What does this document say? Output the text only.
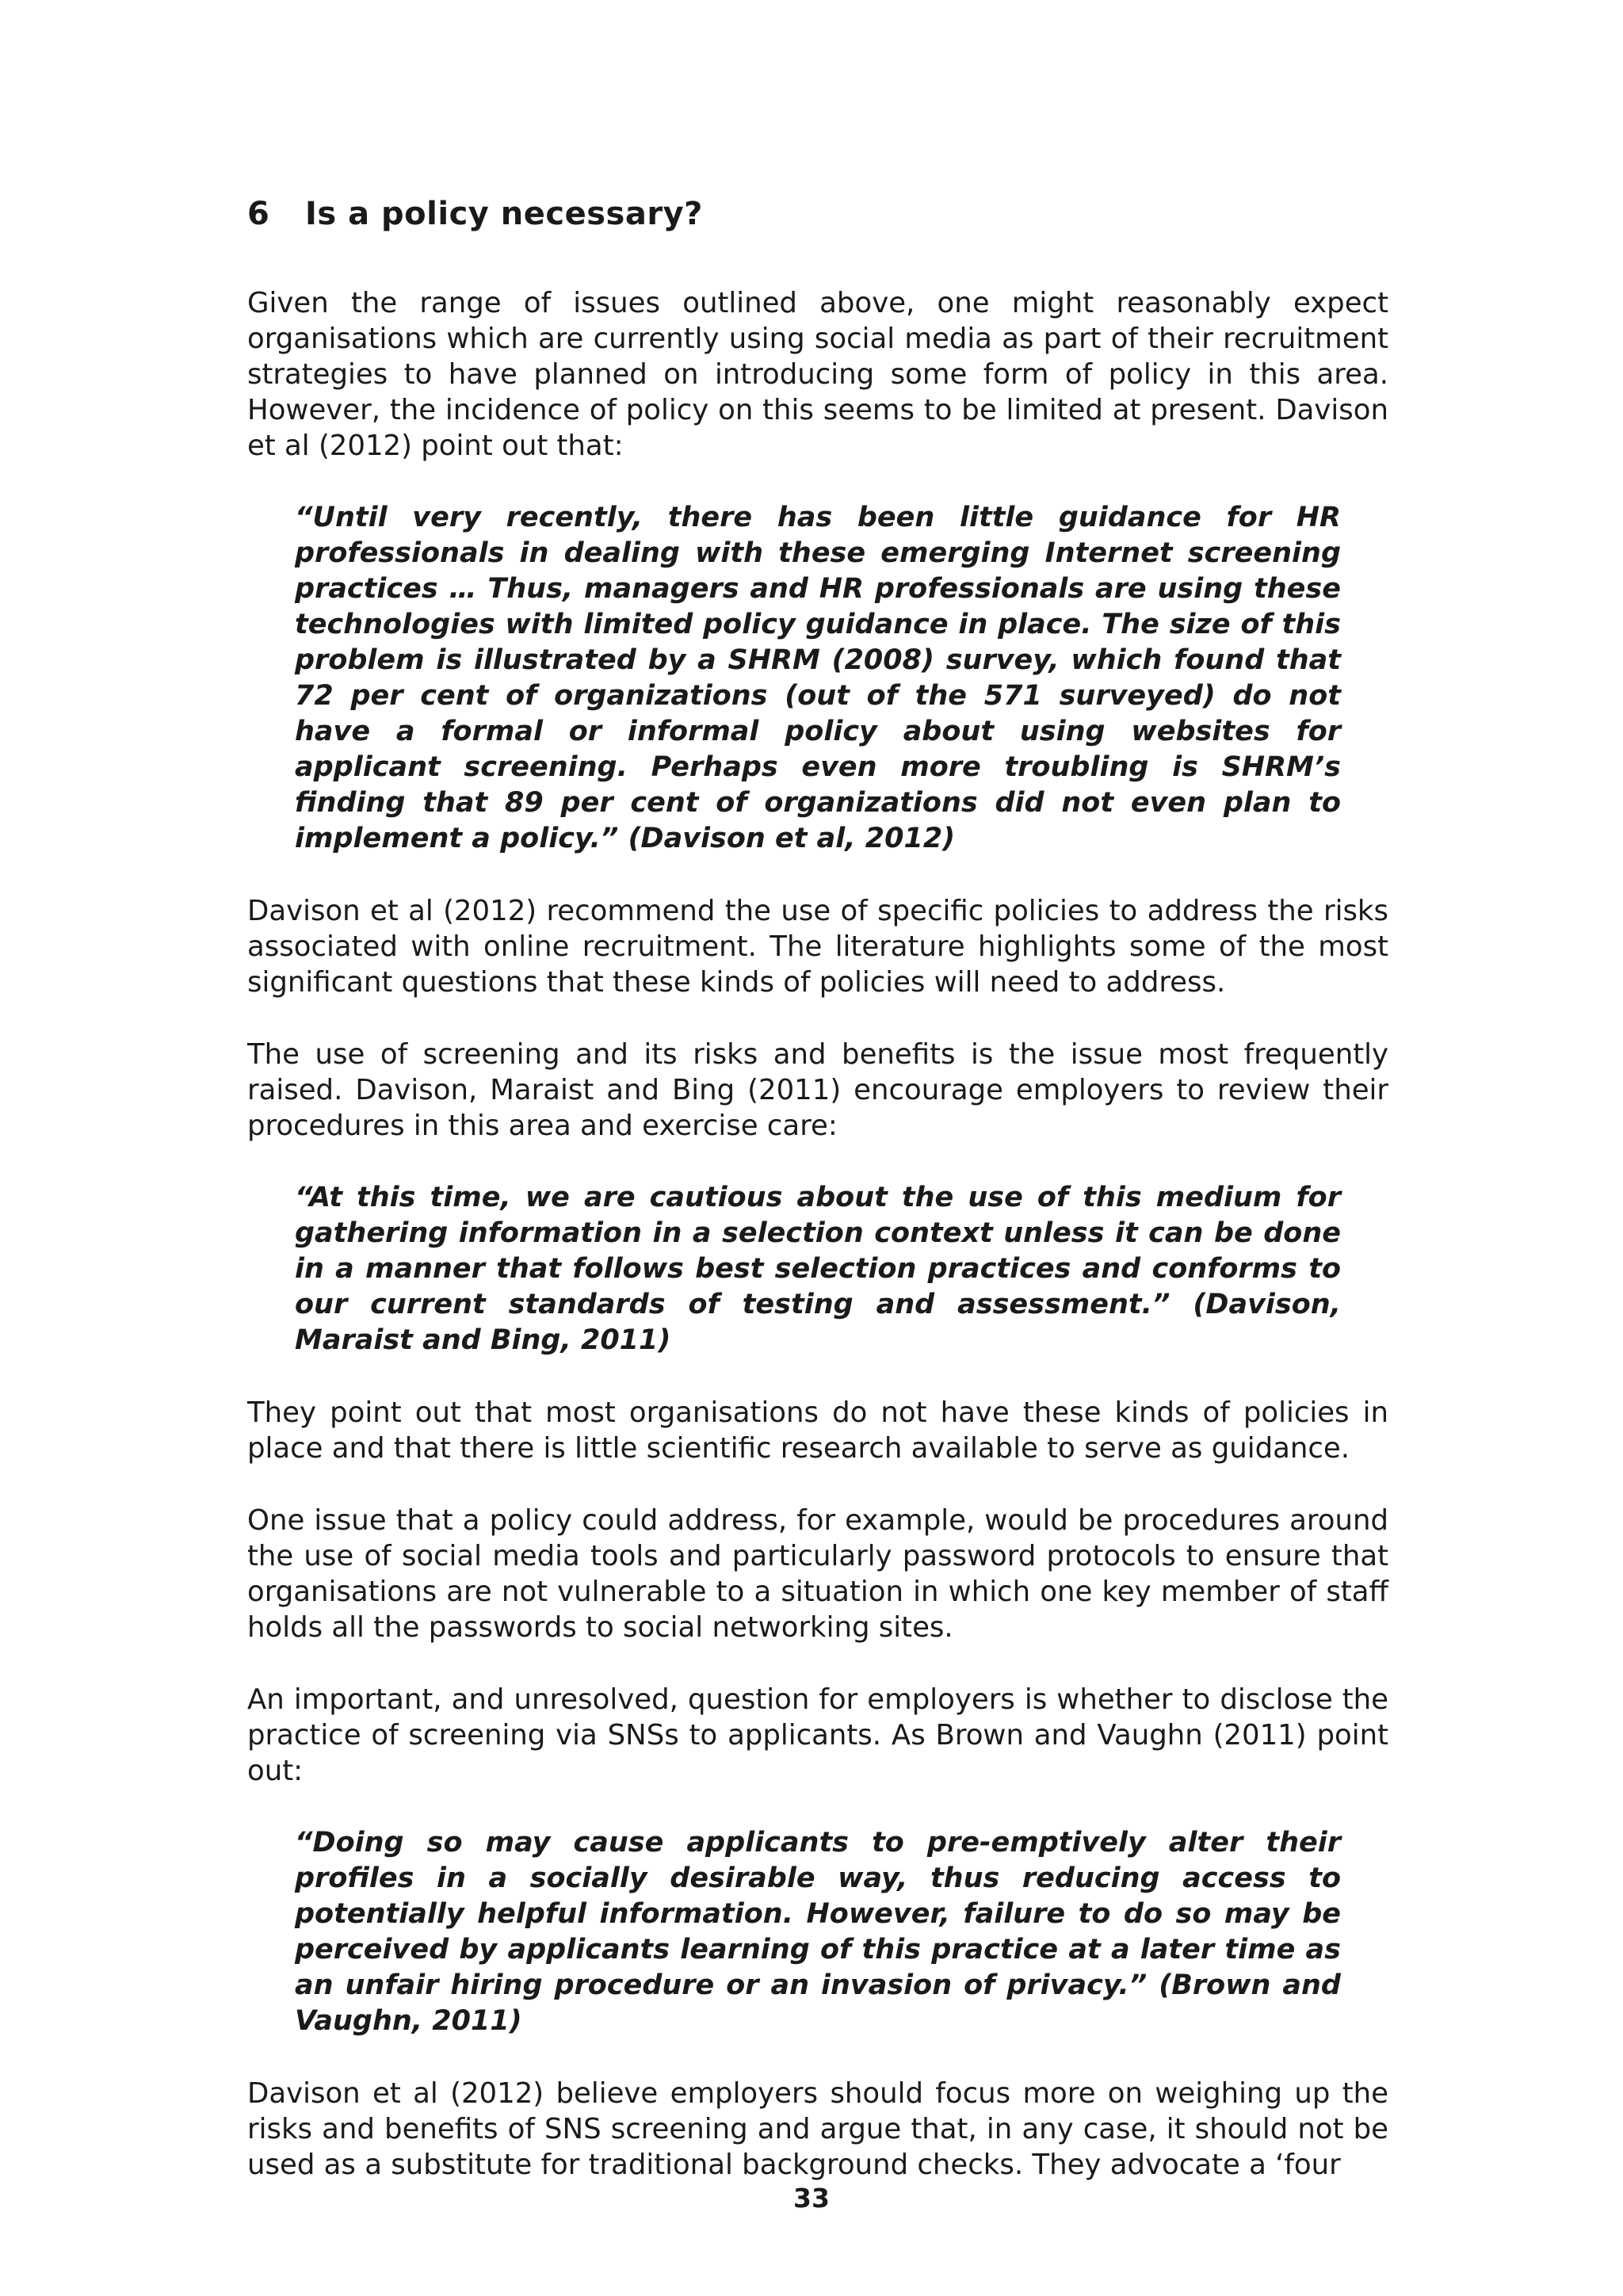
6 Is a policy necessary?

Given the range of issues outlined above, one might reasonably expect organisations which are currently using social media as part of their recruitment strategies to have planned on introducing some form of policy in this area. However, the incidence of policy on this seems to be limited at present. Davison et al (2012) point out that:

“Until very recently, there has been little guidance for HR professionals in dealing with these emerging Internet screening practices … Thus, managers and HR professionals are using these technologies with limited policy guidance in place. The size of this problem is illustrated by a SHRM (2008) survey, which found that 72 per cent of organizations (out of the 571 surveyed) do not have a formal or informal policy about using websites for applicant screening. Perhaps even more troubling is SHRM’s finding that 89 per cent of organizations did not even plan to implement a policy.” (Davison et al, 2012)

Davison et al (2012) recommend the use of specific policies to address the risks associated with online recruitment. The literature highlights some of the most significant questions that these kinds of policies will need to address.

The use of screening and its risks and benefits is the issue most frequently raised. Davison, Maraist and Bing (2011) encourage employers to review their procedures in this area and exercise care:

“At this time, we are cautious about the use of this medium for gathering information in a selection context unless it can be done in a manner that follows best selection practices and conforms to our current standards of testing and assessment.” (Davison, Maraist and Bing, 2011)

They point out that most organisations do not have these kinds of policies in place and that there is little scientific research available to serve as guidance.

One issue that a policy could address, for example, would be procedures around the use of social media tools and particularly password protocols to ensure that organisations are not vulnerable to a situation in which one key member of staff holds all the passwords to social networking sites.

An important, and unresolved, question for employers is whether to disclose the practice of screening via SNSs to applicants. As Brown and Vaughn (2011) point out:

“Doing so may cause applicants to pre-emptively alter their profiles in a socially desirable way, thus reducing access to potentially helpful information. However, failure to do so may be perceived by applicants learning of this practice at a later time as an unfair hiring procedure or an invasion of privacy.” (Brown and Vaughn, 2011)

Davison et al (2012) believe employers should focus more on weighing up the risks and benefits of SNS screening and argue that, in any case, it should not be used as a substitute for traditional background checks. They advocate a ‘four

33
